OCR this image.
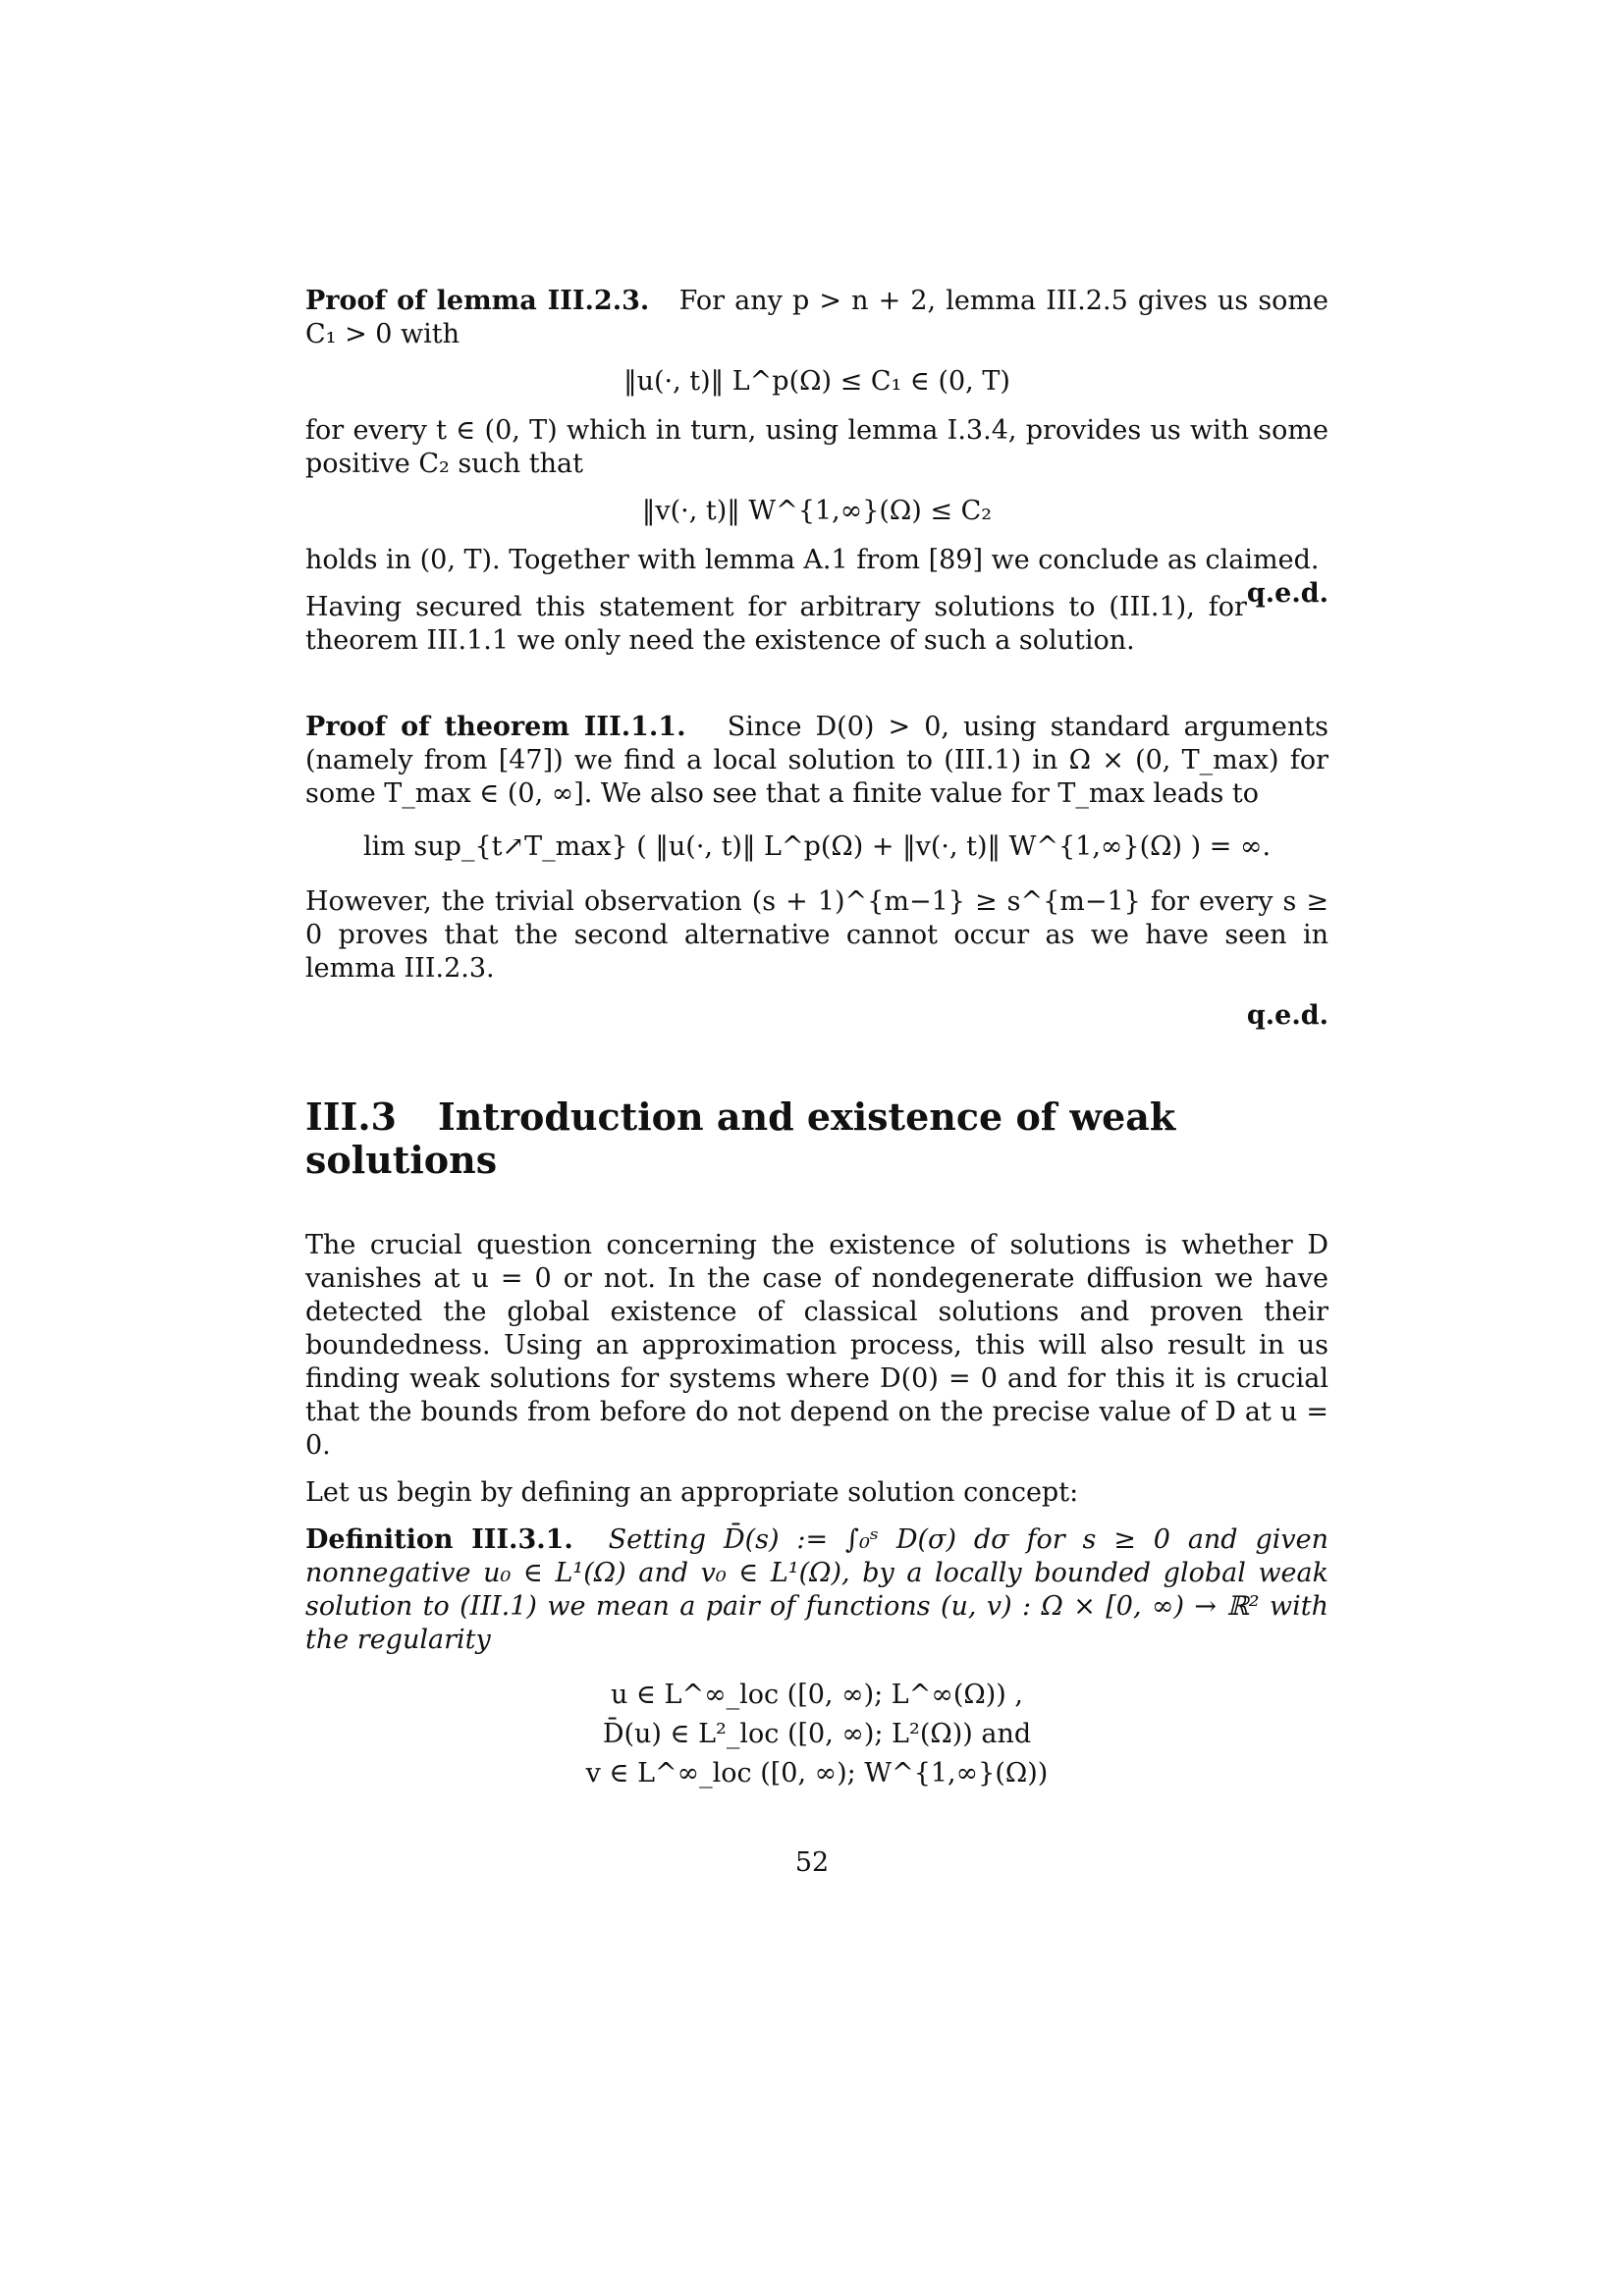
Proof of lemma III.2.3. For any p > n + 2, lemma III.2.5 gives us some C₁ > 0 with

‖u(·, t)‖ L^p(Ω) ≤ C₁ ∈ (0, T)

for every t ∈ (0, T) which in turn, using lemma I.3.4, provides us with some positive C₂ such that

‖v(·, t)‖ W^{1,∞}(Ω) ≤ C₂

holds in (0, T). Together with lemma A.1 from [89] we conclude as claimed.
q.e.d.

Having secured this statement for arbitrary solutions to (III.1), for theorem III.1.1 we only need the existence of such a solution.

Proof of theorem III.1.1. Since D(0) > 0, using standard arguments (namely from [47]) we find a local solution to (III.1) in Ω × (0, T_max) for some T_max ∈ (0, ∞]. We also see that a finite value for T_max leads to

lim sup_{t↗T_max} ( ‖u(·, t)‖ L^p(Ω) + ‖v(·, t)‖ W^{1,∞}(Ω) ) = ∞.

However, the trivial observation (s + 1)^{m−1} ≥ s^{m−1} for every s ≥ 0 proves that the second alternative cannot occur as we have seen in lemma III.2.3.

q.e.d.
III.3 Introduction and existence of weak solutions

The crucial question concerning the existence of solutions is whether D vanishes at u = 0 or not. In the case of nondegenerate diffusion we have detected the global existence of classical solutions and proven their boundedness. Using an approximation process, this will also result in us finding weak solutions for systems where D(0) = 0 and for this it is crucial that the bounds from before do not depend on the precise value of D at u = 0.

Let us begin by defining an appropriate solution concept:

Definition III.3.1. Setting D̄(s) := ∫₀ˢ D(σ) dσ for s ≥ 0 and given nonnegative u₀ ∈ L¹(Ω) and v₀ ∈ L¹(Ω), by a locally bounded global weak solution to (III.1) we mean a pair of functions (u, v) : Ω × [0, ∞) → ℝ² with the regularity

u ∈ L^∞_loc ([0, ∞); L^∞(Ω)) ,
D̄(u) ∈ L²_loc ([0, ∞); L²(Ω)) and
v ∈ L^∞_loc ([0, ∞); W^{1,∞}(Ω))
52
